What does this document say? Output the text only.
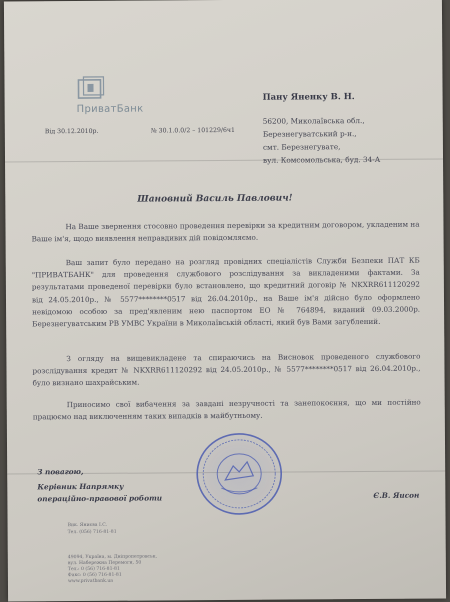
ПриватБанк
Від 30.12.2010р.	№ 30.1.0.0/2 – 101229/6ч1
Пану Яненку В. Н.
56200, Миколаївська обл.,
Березнегуватський р-н.,
смт. Березнегувате,
вул. Комсомольська, буд. 34-А
Шановний Василь Павлович!
На Ваше звернення стосовно проведення перевірки за кредитним договором, укладеним на Ваше ім'я, щодо виявлення неправдивих дій повідомляємо.
Ваш запит було передано на розгляд провідних спеціалістів Служби Безпеки ПАТ КБ "ПРИВАТБАНК" для проведення службового розслідування за викладеними фактами. За результатами проведеної перевірки було встановлено, що кредитний договір № NKXRR611120292 від 24.05.2010р., № 5577********0517 від 26.04.2010р., на Ваше ім'я дійсно було оформлено невідомою особою за пред'явленим нею паспортом ЕО № 764894, виданий 09.03.2000р. Березнегуватським РВ УМВС України в Миколаївській області, який був Вами загублений.
З огляду на вищевикладене та спираючись на Висновок проведеного службового розслідування кредит № NKXRR611120292 від 24.05.2010р., № 5577********0517 від 26.04.2010р., було визнано шахрайським.
Приносимо свої вибачення за завдані незручності та занепокоєння, що ми постійно працюємо над виключенням таких випадків в майбутньому.
З повагою,
Керівник Напрямку
операційно-правової роботи	Є.В. Яисон
Вик. Яниєва І.С.
Тел. (056) 716-81-81
49094, Україна, м. Дніпропетровськ,
вул. Набережна Перемоги, 50
Тел.: 0 (56) 716-81-81
Факс: 0 (56) 716-81-81
www.privatbank.ua
